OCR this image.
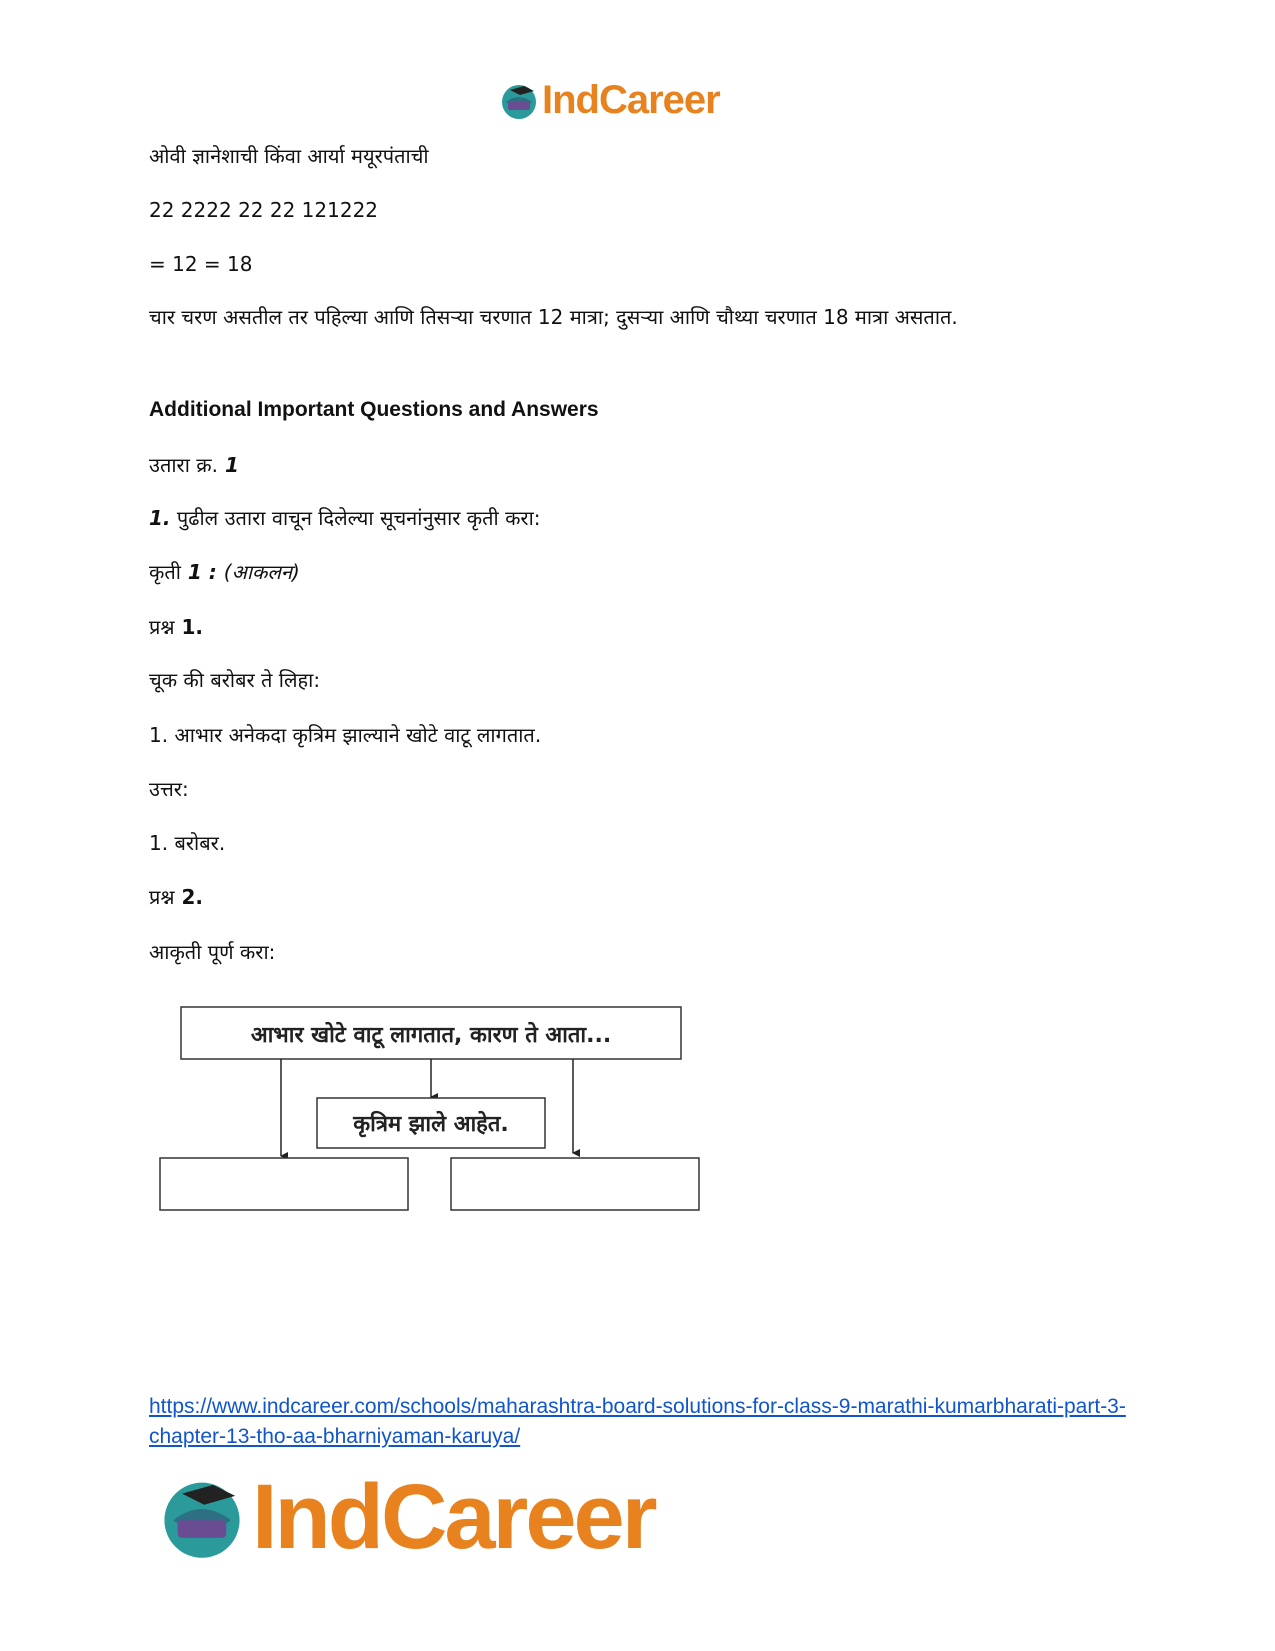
IndCareer
ओवी ज्ञानेशाची किंवा आर्या मयूरपंताची
22 2222 22 22 121222
= 12 = 18
चार चरण असतील तर पहिल्या आणि तिसऱ्या चरणात 12 मात्रा; दुसऱ्या आणि चौथ्या चरणात 18 मात्रा असतात.
Additional Important Questions and Answers
उतारा क्र. 1
1. पुढील उतारा वाचून दिलेल्या सूचनांनुसार कृती करा:
कृती 1 : (आकलन)
प्रश्न 1.
चूक की बरोबर ते लिहा:
1. आभार अनेकदा कृत्रिम झाल्याने खोटे वाटू लागतात.
उत्तर:
1. बरोबर.
प्रश्न 2.
आकृती पूर्ण करा:
आभार खोटे वाटू लागतात, कारण ते आता...
कृत्रिम झाले आहेत.
https://www.indcareer.com/schools/maharashtra-board-solutions-for-class-9-marathi-kumarbharati-part-3-chapter-13-tho-aa-bharniyaman-karuya/
IndCareer
